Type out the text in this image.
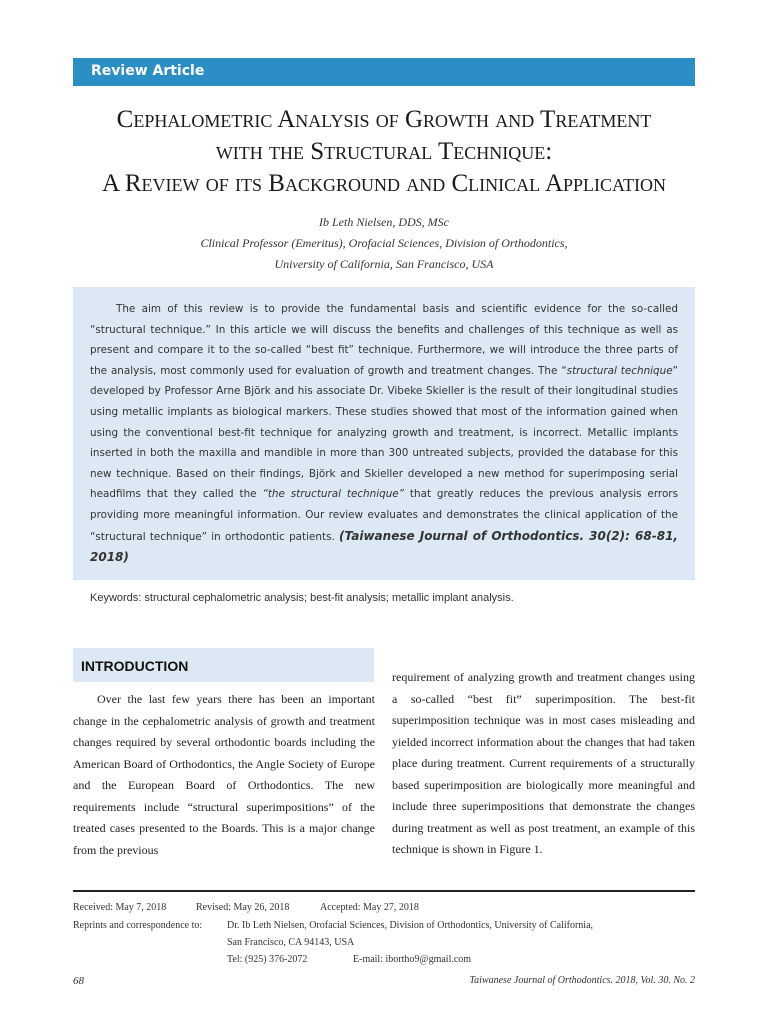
Review Article
Cephalometric Analysis of Growth and Treatment
with the Structural Technique:
A Review of its Background and Clinical Application
Ib Leth Nielsen, DDS, MSc
Clinical Professor (Emeritus), Orofacial Sciences, Division of Orthodontics,
University of California, San Francisco, USA

The aim of this review is to provide the fundamental basis and scientific evidence for the so-called “structural technique.” In this article we will discuss the benefits and challenges of this technique as well as present and compare it to the so-called “best fit” technique. Furthermore, we will introduce the three parts of the analysis, most commonly used for evaluation of growth and treatment changes. The “structural technique” developed by Professor Arne Björk and his associate Dr. Vibeke Skieller is the result of their longitudinal studies using metallic implants as biological markers. These studies showed that most of the information gained when using the conventional best-fit technique for analyzing growth and treatment, is incorrect. Metallic implants inserted in both the maxilla and mandible in more than 300 untreated subjects, provided the database for this new technique. Based on their findings, Björk and Skieller developed a new method for superimposing serial headfilms that they called the “the structural technique” that greatly reduces the previous analysis errors providing more meaningful information. Our review evaluates and demonstrates the clinical application of the “structural technique” in orthodontic patients. (Taiwanese Journal of Orthodontics. 30(2): 68-81, 2018)

Keywords: structural cephalometric analysis; best-fit analysis; metallic implant analysis.
INTRODUCTION

Over the last few years there has been an important change in the cephalometric analysis of growth and treatment changes required by several orthodontic boards including the American Board of Orthodontics, the Angle Society of Europe and the European Board of Orthodontics. The new requirements include “structural superimpositions” of the treated cases presented to the Boards. This is a major change from the previous

requirement of analyzing growth and treatment changes using a so-called “best fit” superimposition. The best-fit superimposition technique was in most cases misleading and yielded incorrect information about the changes that had taken place during treatment. Current requirements of a structurally based superimposition are biologically more meaningful and include three superimpositions that demonstrate the changes during treatment as well as post treatment, an example of this technique is shown in Figure 1.

Received: May 7, 2018	Revised: May 26, 2018	Accepted: May 27, 2018
Reprints and correspondence to: Dr. Ib Leth Nielsen, Orofacial Sciences, Division of Orthodontics, University of California,
San Francisco, CA 94143, USA
Tel: (925) 376-2072	E-mail: ibortho9@gmail.com
68	Taiwanese Journal of Orthodontics. 2018, Vol. 30. No. 2
